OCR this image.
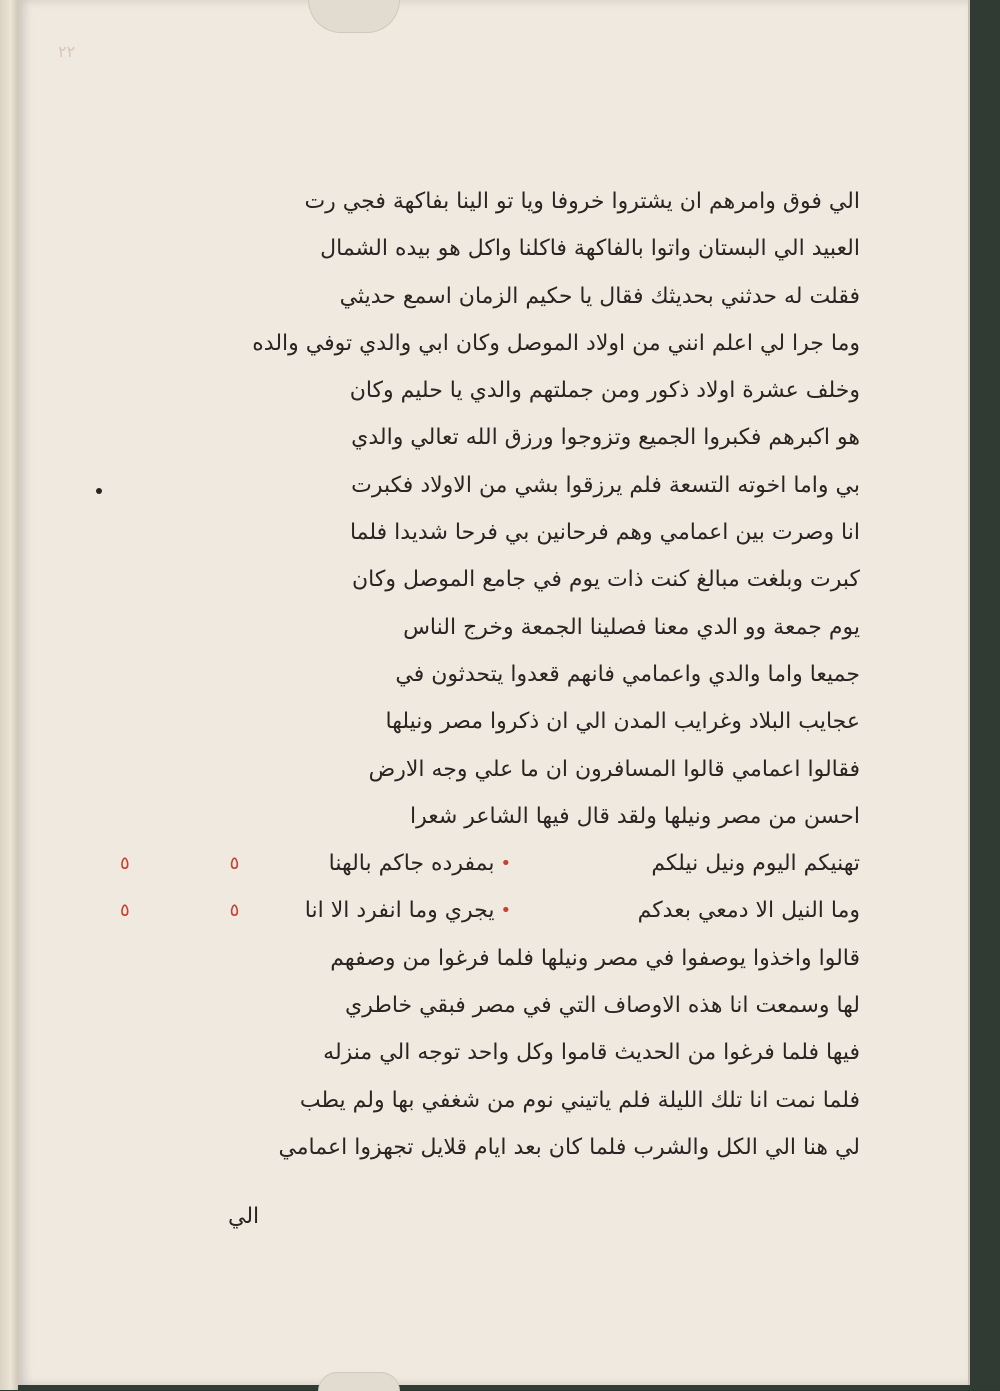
٢٢
الي فوق وامرهم ان يشتروا خروفا ويا تو الينا بفاكهة فجي رت
العبيد الي البستان واتوا بالفاكهة فاكلنا واكل هو بيده الشمال
فقلت له حدثني بحديثك فقال يا حكيم الزمان اسمع حديثي
وما جرا لي اعلم انني من اولاد الموصل وكان ابي والدي توفي والده
وخلف عشرة اولاد ذكور ومن جملتهم والدي يا حليم وكان
هو اكبرهم فكبروا الجميع وتزوجوا ورزق الله تعالي والدي
بي واما اخوته التسعة فلم يرزقوا بشي من الاولاد فكبرت
انا وصرت بين اعمامي وهم فرحانين بي فرحا شديدا فلما
كبرت وبلغت مبالغ كنت ذات يوم في جامع الموصل وكان
يوم جمعة وو الدي معنا فصلينا الجمعة وخرج الناس
جميعا واما والدي واعمامي فانهم قعدوا يتحدثون في
عجايب البلاد وغرايب المدن الي ان ذكروا مصر ونيلها
فقالوا اعمامي قالوا المسافرون ان ما علي وجه الارض
احسن من مصر ونيلها ولقد قال فيها الشاعر شعرا
تهنيكم اليوم ونيل نيلكم
•
بمفرده جاكم بالهنا
٥
٥
وما النيل الا دمعي بعدكم
•
يجري وما انفرد الا انا
٥
٥
قالوا واخذوا يوصفوا في مصر ونيلها فلما فرغوا من وصفهم
لها وسمعت انا هذه الاوصاف التي في مصر فبقي خاطري
فيها فلما فرغوا من الحديث قاموا وكل واحد توجه الي منزله
فلما نمت انا تلك الليلة فلم ياتيني نوم من شغفي بها ولم يطب
لي هنا الي الكل والشرب فلما كان بعد ايام قلايل تجهزوا اعمامي
الي
